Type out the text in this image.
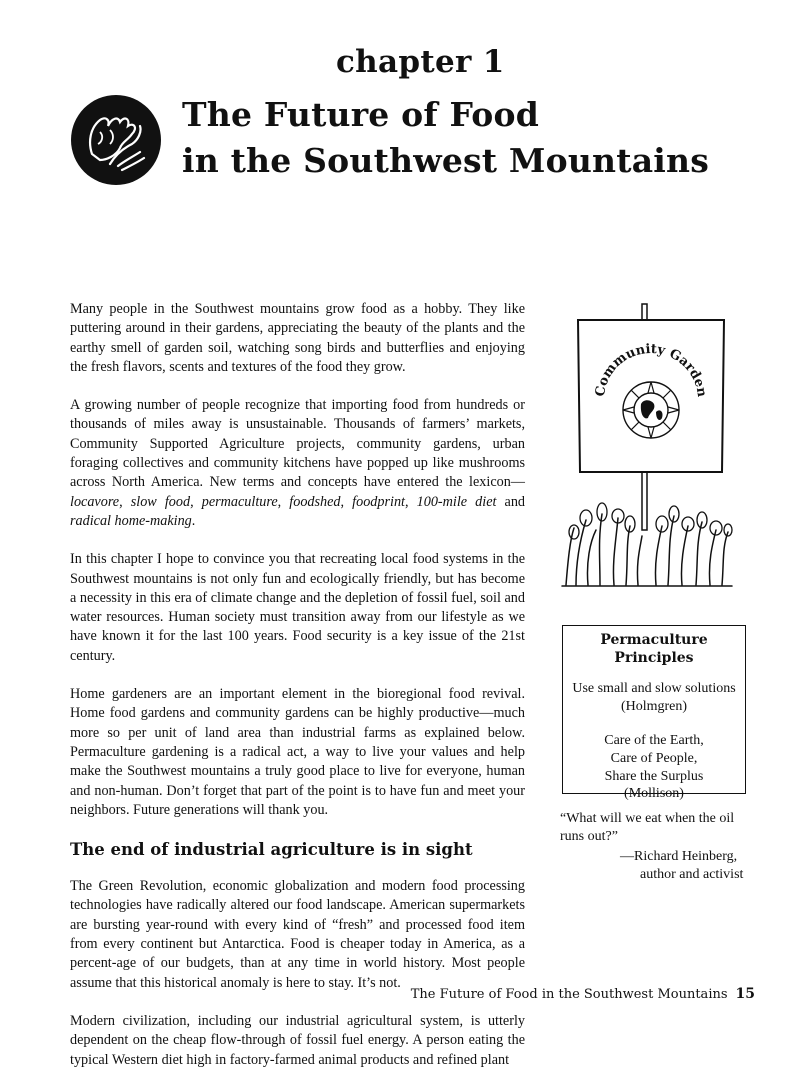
chapter 1
The Future of Food
in the Southwest Mountains

Many people in the Southwest mountains grow food as a hobby. They like puttering around in their gardens, appreciating the beauty of the plants and the earthy smell of garden soil, watching song birds and butterflies and enjoying the fresh flavors, scents and textures of the food they grow.

A growing number of people recognize that importing food from hundreds or thousands of miles away is unsustainable. Thousands of farmers’ markets, Community Supported Agriculture projects, community gardens, urban foraging collectives and community kitchens have popped up like mushrooms across North America. New terms and concepts have entered the lexicon—locavore, slow food, permaculture, foodshed, foodprint, 100-mile diet and radical home-making.

In this chapter I hope to convince you that recreating local food systems in the Southwest mountains is not only fun and ecologically friendly, but has become a necessity in this era of climate change and the depletion of fossil fuel, soil and water resources. Human society must transition away from our lifestyle as we have known it for the last 100 years. Food security is a key issue of the 21st century.

Home gardeners are an important element in the bioregional food revival. Home food gardens and community gardens can be highly productive—much more so per unit of land area than industrial farms as explained below. Permaculture gardening is a radical act, a way to live your values and help make the Southwest mountains a truly good place to live for everyone, human and non-human. Don’t forget that part of the point is to have fun and meet your neighbors. Future generations will thank you.

The end of industrial agriculture is in sight

The Green Revolution, economic globalization and modern food processing technologies have radically altered our food landscape. American supermarkets are bursting year-round with every kind of “fresh” and processed food item from every continent but Antarctica. Food is cheaper today in America, as a percent-age of our budgets, than at any time in world history. Most people assume that this historical anomaly is here to stay. It’s not.

Modern civilization, including our industrial agricultural system, is utterly dependent on the cheap flow-through of fossil fuel energy. A person eating the typical Western diet high in factory-farmed animal products and refined plant

Community Garden
Permaculture Principles
Use small and slow solutions
(Holmgren)
Care of the Earth,
Care of People,
Share the Surplus
(Mollison)
“What will we eat when the oil runs out?”
—Richard Heinberg,
author and activist
The Future of Food in the Southwest Mountains 15
